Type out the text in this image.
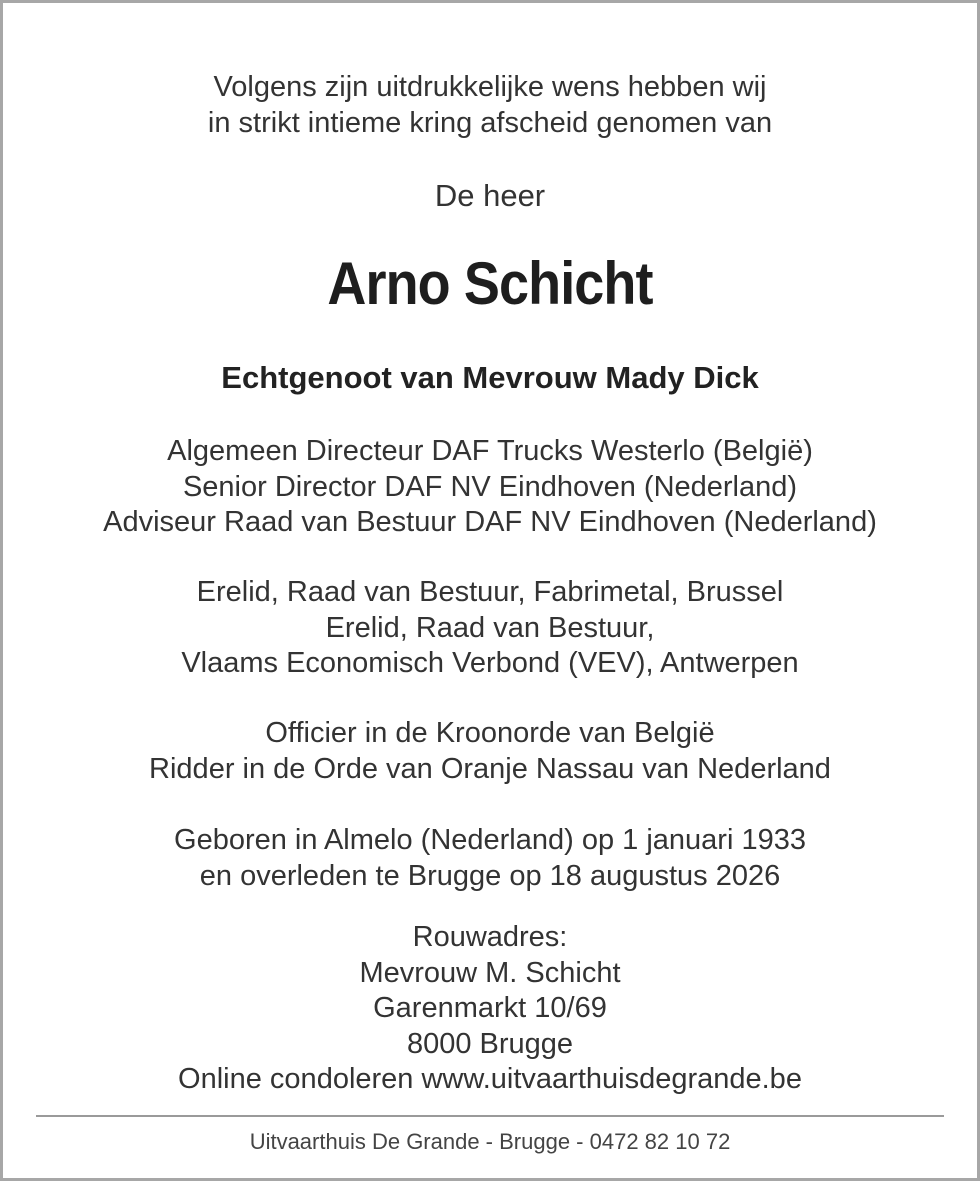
Volgens zijn uitdrukkelijke wens hebben wij
in strikt intieme kring afscheid genomen van
De heer
Arno Schicht
Echtgenoot van Mevrouw Mady Dick
Algemeen Directeur DAF Trucks Westerlo (België)
Senior Director DAF NV Eindhoven (Nederland)
Adviseur Raad van Bestuur DAF NV Eindhoven (Nederland)
Erelid, Raad van Bestuur, Fabrimetal, Brussel
Erelid, Raad van Bestuur,
Vlaams Economisch Verbond (VEV), Antwerpen
Officier in de Kroonorde van België
Ridder in de Orde van Oranje Nassau van Nederland
Geboren in Almelo (Nederland) op 1 januari 1933
en overleden te Brugge op 18 augustus 2026
Rouwadres:
Mevrouw M. Schicht
Garenmarkt 10/69
8000 Brugge
Online condoleren www.uitvaarthuisdegrande.be
Uitvaarthuis De Grande - Brugge - 0472 82 10 72
